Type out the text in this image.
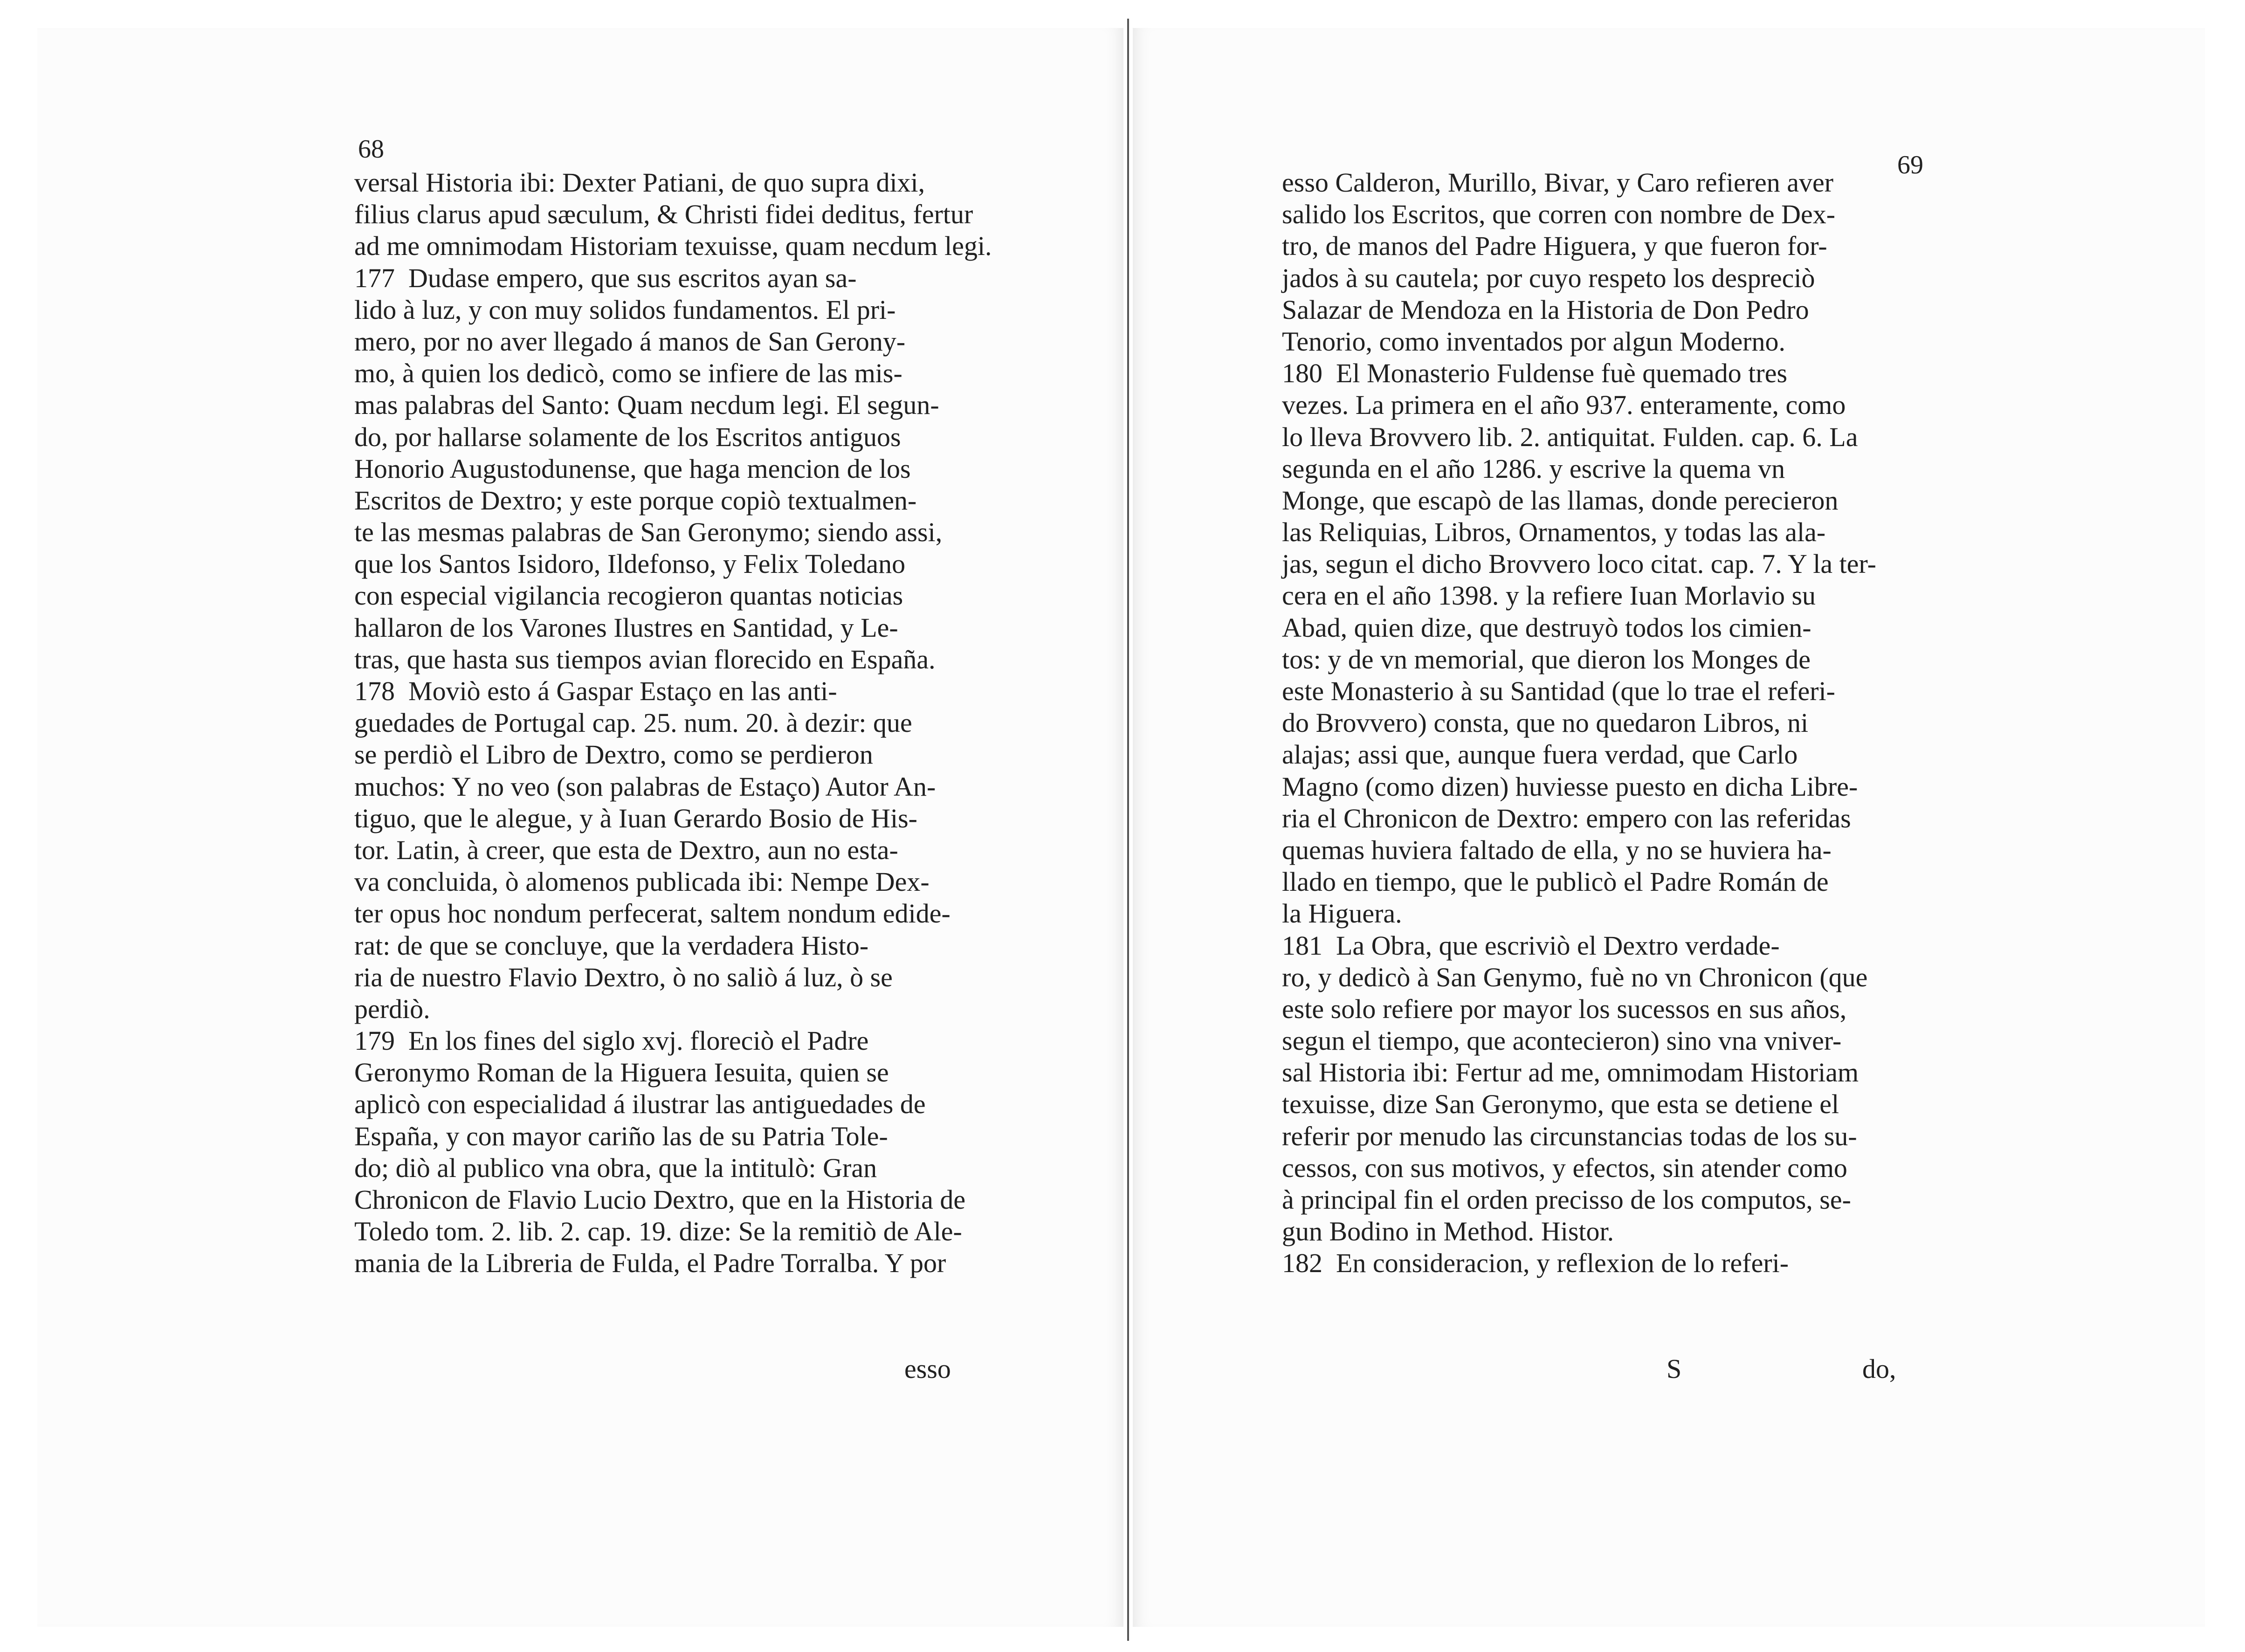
68
versal Historia ibi: Dexter Patiani, de quo supra dixi,
filius clarus apud sæculum, & Christi fidei deditus, fertur
ad me omnimodam Historiam texuisse, quam necdum legi.
177  Dudase empero, que sus escritos ayan sa-
lido à luz, y con muy solidos fundamentos. El pri-
mero, por no aver llegado á manos de San Gerony-
mo, à quien los dedicò, como se infiere de las mis-
mas palabras del Santo: Quam necdum legi. El segun-
do, por hallarse solamente de los Escritos antiguos
Honorio Augustodunense, que haga mencion de los
Escritos de Dextro; y este porque copiò textualmen-
te las mesmas palabras de San Geronymo; siendo assi,
que los Santos Isidoro, Ildefonso, y Felix Toledano
con especial vigilancia recogieron quantas noticias
hallaron de los Varones Ilustres en Santidad, y Le-
tras, que hasta sus tiempos avian florecido en España.
178  Moviò esto á Gaspar Estaço en las anti-
guedades de Portugal cap. 25. num. 20. à dezir: que
se perdiò el Libro de Dextro, como se perdieron
muchos: Y no veo (son palabras de Estaço) Autor An-
tiguo, que le alegue, y à Iuan Gerardo Bosio de His-
tor. Latin, à creer, que esta de Dextro, aun no esta-
va concluida, ò alomenos publicada ibi: Nempe Dex-
ter opus hoc nondum perfecerat, saltem nondum edide-
rat: de que se concluye, que la verdadera Histo-
ria de nuestro Flavio Dextro, ò no saliò á luz, ò se
perdiò.
179  En los fines del siglo xvj. floreciò el Padre
Geronymo Roman de la Higuera Iesuita, quien se
aplicò con especialidad á ilustrar las antiguedades de
España, y con mayor cariño las de su Patria Tole-
do; diò al publico vna obra, que la intitulò: Gran
Chronicon de Flavio Lucio Dextro, que en la Historia de
Toledo tom. 2. lib. 2. cap. 19. dize: Se la remitiò de Ale-
mania de la Libreria de Fulda, el Padre Torralba. Y por
esso
69
esso Calderon, Murillo, Bivar, y Caro refieren aver
salido los Escritos, que corren con nombre de Dex-
tro, de manos del Padre Higuera, y que fueron for-
jados à su cautela; por cuyo respeto los despreciò
Salazar de Mendoza en la Historia de Don Pedro
Tenorio, como inventados por algun Moderno.
180  El Monasterio Fuldense fuè quemado tres
vezes. La primera en el año 937. enteramente, como
lo lleva Brovvero lib. 2. antiquitat. Fulden. cap. 6. La
segunda en el año 1286. y escrive la quema vn
Monge, que escapò de las llamas, donde perecieron
las Reliquias, Libros, Ornamentos, y todas las ala-
jas, segun el dicho Brovvero loco citat. cap. 7. Y la ter-
cera en el año 1398. y la refiere Iuan Morlavio su
Abad, quien dize, que destruyò todos los cimien-
tos: y de vn memorial, que dieron los Monges de
este Monasterio à su Santidad (que lo trae el referi-
do Brovvero) consta, que no quedaron Libros, ni
alajas; assi que, aunque fuera verdad, que Carlo
Magno (como dizen) huviesse puesto en dicha Libre-
ria el Chronicon de Dextro: empero con las referidas
quemas huviera faltado de ella, y no se huviera ha-
llado en tiempo, que le publicò el Padre Román de
la Higuera.
181  La Obra, que escriviò el Dextro verdade-
ro, y dedicò à San Genymo, fuè no vn Chronicon (que
este solo refiere por mayor los sucessos en sus años,
segun el tiempo, que acontecieron) sino vna vniver-
sal Historia ibi: Fertur ad me, omnimodam Historiam
texuisse, dize San Geronymo, que esta se detiene el
referir por menudo las circunstancias todas de los su-
cessos, con sus motivos, y efectos, sin atender como
à principal fin el orden precisso de los computos, se-
gun Bodino in Method. Histor.
182  En consideracion, y reflexion de lo referi-
S	do,
